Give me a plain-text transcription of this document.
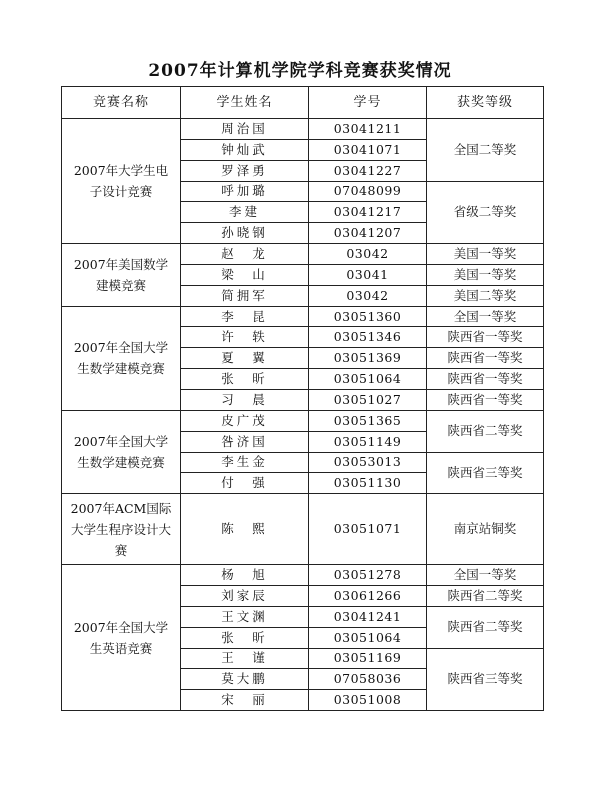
2007年计算机学院学科竞赛获奖情况
竞赛名称	学生姓名	学号	获奖等级
2007年大学生电子设计竞赛	周治国	03041211	全国二等奖
	钟灿武	03041071	
	罗泽勇	03041227	
	呼加璐	07048099	省级二等奖
	李建	03041217	
	孙晓钢	03041207	
2007年美国数学建模竞赛	赵　龙	03042	美国一等奖
	梁　山	03041	美国一等奖
	简拥军	03042	美国二等奖
2007年全国大学生数学建模竞赛	李　昆	03051360	全国一等奖
	许　轶	03051346	陕西省一等奖
	夏　翼	03051369	陕西省一等奖
	张　昕	03051064	陕西省一等奖
	习　晨	03051027	陕西省一等奖
2007年全国大学生数学建模竞赛	皮广茂	03051365	陕西省二等奖
	咎济国	03051149	
	李生金	03053013	陕西省三等奖
	付　强	03051130	
2007年ACM国际大学生程序设计大赛	陈　熙	03051071	南京站铜奖
2007年全国大学生英语竞赛	杨　旭	03051278	全国一等奖
	刘家辰	03061266	陕西省二等奖
	王文渊	03041241	陕西省二等奖
	张　昕	03051064	
	王　谨	03051169	陕西省三等奖
	莫大鹏	07058036	
	宋　丽	03051008	
